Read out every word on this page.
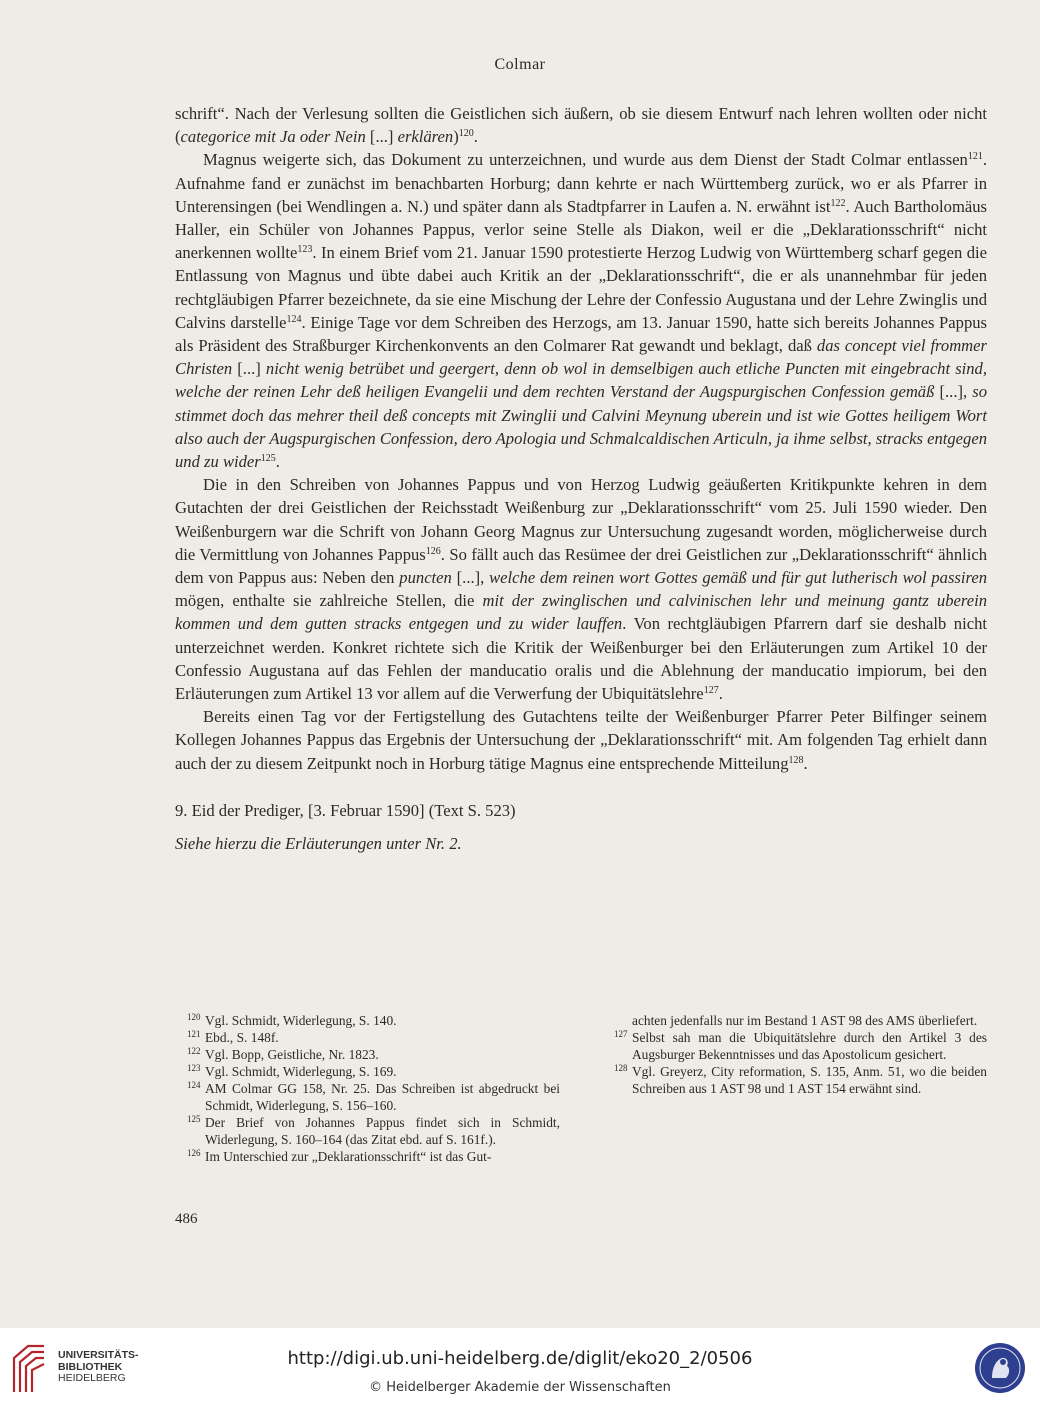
Colmar

schrift“. Nach der Verlesung sollten die Geistlichen sich äußern, ob sie diesem Entwurf nach lehren wollten oder nicht (categorice mit Ja oder Nein [...] erklären)$^{120}$.

Magnus weigerte sich, das Dokument zu unterzeichnen, und wurde aus dem Dienst der Stadt Colmar entlassen$^{121}$. Aufnahme fand er zunächst im benachbarten Horburg; dann kehrte er nach Württemberg zurück, wo er als Pfarrer in Unterensingen (bei Wendlingen a. N.) und später dann als Stadtpfarrer in Laufen a. N. erwähnt ist$^{122}$. Auch Bartholomäus Haller, ein Schüler von Johannes Pappus, verlor seine Stelle als Diakon, weil er die „Deklarationsschrift“ nicht anerkennen wollte$^{123}$. In einem Brief vom 21. Januar 1590 protestierte Herzog Ludwig von Württemberg scharf gegen die Entlassung von Magnus und übte dabei auch Kritik an der „Deklarationsschrift“, die er als unannehmbar für jeden rechtgläubigen Pfarrer bezeichnete, da sie eine Mischung der Lehre der Confessio Augustana und der Lehre Zwinglis und Calvins darstelle$^{124}$. Einige Tage vor dem Schreiben des Herzogs, am 13. Januar 1590, hatte sich bereits Johannes Pappus als Präsident des Straßburger Kirchenkonvents an den Colmarer Rat gewandt und beklagt, daß das concept viel frommer Christen [...] nicht wenig betrübet und geergert, denn ob wol in demselbigen auch etliche Puncten mit eingebracht sind, welche der reinen Lehr deß heiligen Evangelii und dem rechten Verstand der Augspurgischen Confession gemäß [...], so stimmet doch das mehrer theil deß concepts mit Zwinglii und Calvini Meynung uberein und ist wie Gottes heiligem Wort also auch der Augspurgischen Confession, dero Apologia und Schmalcaldischen Articuln, ja ihme selbst, stracks entgegen und zu wider$^{125}$.

Die in den Schreiben von Johannes Pappus und von Herzog Ludwig geäußerten Kritikpunkte kehren in dem Gutachten der drei Geistlichen der Reichsstadt Weißenburg zur „Deklarationsschrift“ vom 25. Juli 1590 wieder. Den Weißenburgern war die Schrift von Johann Georg Magnus zur Untersuchung zugesandt worden, möglicherweise durch die Vermittlung von Johannes Pappus$^{126}$. So fällt auch das Resümee der drei Geistlichen zur „Deklarationsschrift“ ähnlich dem von Pappus aus: Neben den puncten [...], welche dem reinen wort Gottes gemäß und für gut lutherisch wol passiren mögen, enthalte sie zahlreiche Stellen, die mit der zwinglischen und calvinischen lehr und meinung gantz uberein kommen und dem gutten stracks entgegen und zu wider lauffen. Von rechtgläubigen Pfarrern darf sie deshalb nicht unterzeichnet werden. Konkret richtete sich die Kritik der Weißenburger bei den Erläuterungen zum Artikel 10 der Confessio Augustana auf das Fehlen der manducatio oralis und die Ablehnung der manducatio impiorum, bei den Erläuterungen zum Artikel 13 vor allem auf die Verwerfung der Ubiquitätslehre$^{127}$.

Bereits einen Tag vor der Fertigstellung des Gutachtens teilte der Weißenburger Pfarrer Peter Bilfinger seinem Kollegen Johannes Pappus das Ergebnis der Untersuchung der „Deklarationsschrift“ mit. Am folgenden Tag erhielt dann auch der zu diesem Zeitpunkt noch in Horburg tätige Magnus eine entsprechende Mitteilung$^{128}$.

9. Eid der Prediger, [3. Februar 1590] (Text S. 523)

Siehe hierzu die Erläuterungen unter Nr. 2.

120 Vgl. Schmidt, Widerlegung, S. 140.
121 Ebd., S. 148f.
122 Vgl. Bopp, Geistliche, Nr. 1823.
123 Vgl. Schmidt, Widerlegung, S. 169.
124 AM Colmar GG 158, Nr. 25. Das Schreiben ist abgedruckt bei Schmidt, Widerlegung, S. 156–160.
125 Der Brief von Johannes Pappus findet sich in Schmidt, Widerlegung, S. 160–164 (das Zitat ebd. auf S. 161f.).
126 Im Unterschied zur „Deklarationsschrift“ ist das Gut-
achten jedenfalls nur im Bestand 1 AST 98 des AMS überliefert.
127 Selbst sah man die Ubiquitätslehre durch den Artikel 3 des Augsburger Bekenntnisses und das Apostolicum gesichert.
128 Vgl. Greyerz, City reformation, S. 135, Anm. 51, wo die beiden Schreiben aus 1 AST 98 und 1 AST 154 erwähnt sind.
486
UNIVERSITÄTS-
BIBLIOTHEK
HEIDELBERG
http://digi.ub.uni-heidelberg.de/diglit/eko20_2/0506
© Heidelberger Akademie der Wissenschaften
